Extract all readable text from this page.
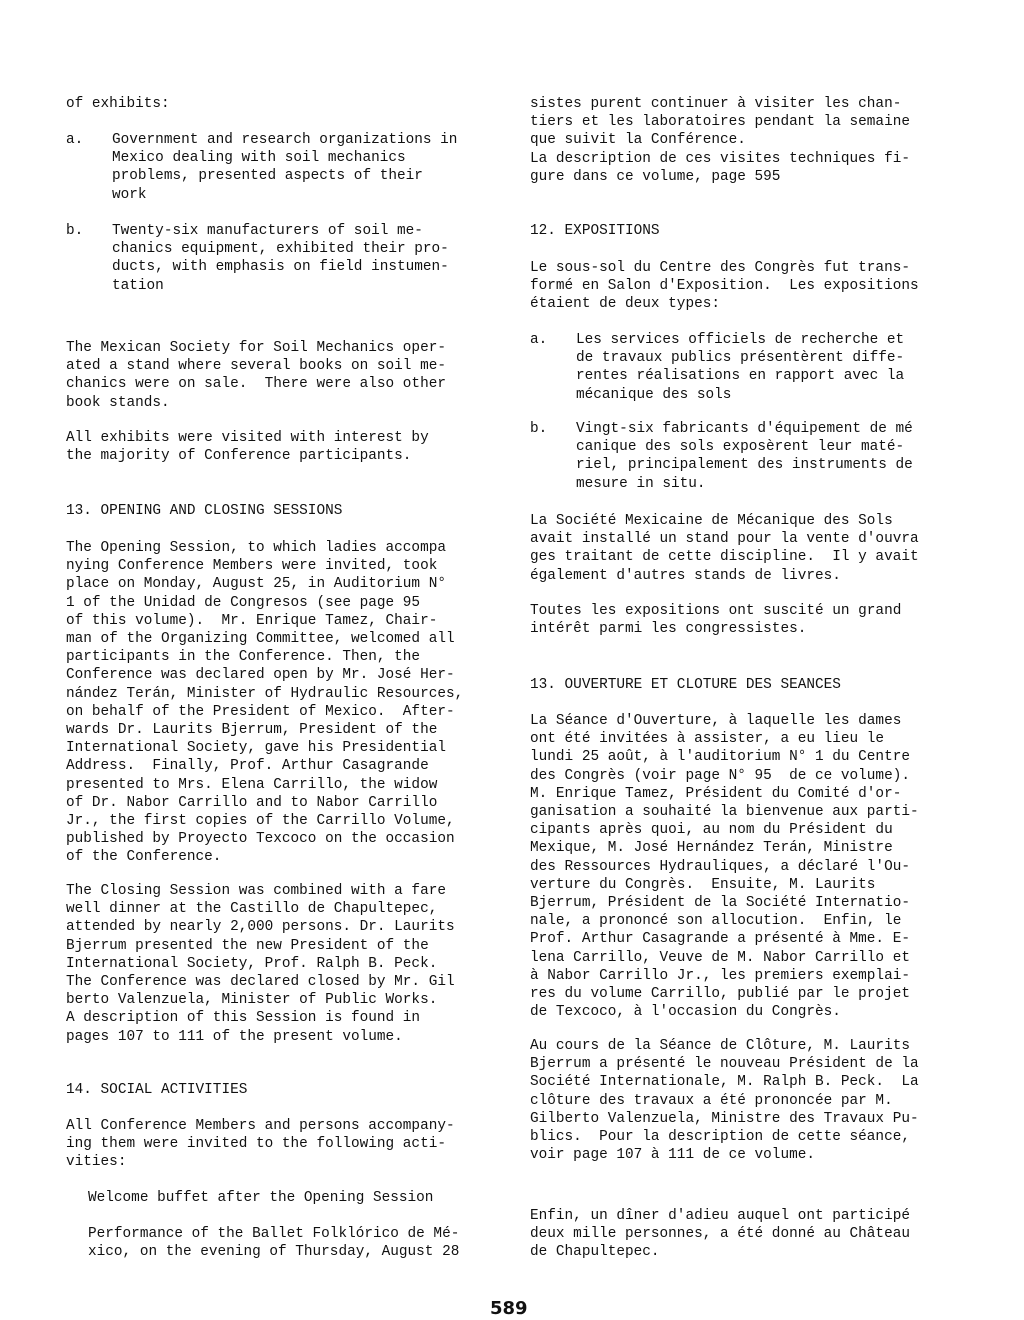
of exhibits:

a.	Government and research organizations in
Mexico dealing with soil mechanics
problems, presented aspects of their
work
b.	Twenty-six manufacturers of soil me-
chanics equipment, exhibited their pro-
ducts, with emphasis on field instumen-
tation

The Mexican Society for Soil Mechanics oper-
ated a stand where several books on soil me-
chanics were on sale.  There were also other
book stands.

All exhibits were visited with interest by
the majority of Conference participants.

13. OPENING AND CLOSING SESSIONS

The Opening Session, to which ladies accompa
nying Conference Members were invited, took
place on Monday, August 25, in Auditorium N°
1 of the Unidad de Congresos (see page 95
of this volume).  Mr. Enrique Tamez, Chair-
man of the Organizing Committee, welcomed all
participants in the Conference. Then, the
Conference was declared open by Mr. José Her-
nández Terán, Minister of Hydraulic Resources,
on behalf of the President of Mexico.  After-
wards Dr. Laurits Bjerrum, President of the
International Society, gave his Presidential
Address.  Finally, Prof. Arthur Casagrande
presented to Mrs. Elena Carrillo, the widow
of Dr. Nabor Carrillo and to Nabor Carrillo
Jr., the first copies of the Carrillo Volume,
published by Proyecto Texcoco on the occasion
of the Conference.

The Closing Session was combined with a fare
well dinner at the Castillo de Chapultepec,
attended by nearly 2,000 persons. Dr. Laurits
Bjerrum presented the new President of the
International Society, Prof. Ralph B. Peck.
The Conference was declared closed by Mr. Gil
berto Valenzuela, Minister of Public Works.
A description of this Session is found in
pages 107 to 111 of the present volume.

14. SOCIAL ACTIVITIES

All Conference Members and persons accompany-
ing them were invited to the following acti-
vities:

Welcome buffet after the Opening Session

Performance of the Ballet Folklórico de Mé-
xico, on the evening of Thursday, August 28

sistes purent continuer à visiter les chan-
tiers et les laboratoires pendant la semaine
que suivit la Conférence.
La description de ces visites techniques fi-
gure dans ce volume, page 595

12. EXPOSITIONS

Le sous-sol du Centre des Congrès fut trans-
formé en Salon d'Exposition.  Les expositions
étaient de deux types:

a.	Les services officiels de recherche et
de travaux publics présentèrent diffe-
rentes réalisations en rapport avec la
mécanique des sols
b.	Vingt-six fabricants d'équipement de mé
canique des sols exposèrent leur maté-
riel, principalement des instruments de
mesure in situ.

La Société Mexicaine de Mécanique des Sols
avait installé un stand pour la vente d'ouvra
ges traitant de cette discipline.  Il y avait
également d'autres stands de livres.

Toutes les expositions ont suscité un grand
intérêt parmi les congressistes.

13. OUVERTURE ET CLOTURE DES SEANCES

La Séance d'Ouverture, à laquelle les dames
ont été invitées à assister, a eu lieu le
lundi 25 août, à l'auditorium N° 1 du Centre
des Congrès (voir page N° 95  de ce volume).
M. Enrique Tamez, Président du Comité d'or-
ganisation a souhaité la bienvenue aux parti-
cipants après quoi, au nom du Président du
Mexique, M. José Hernández Terán, Ministre
des Ressources Hydrauliques, a déclaré l'Ou-
verture du Congrès.  Ensuite, M. Laurits
Bjerrum, Président de la Société Internatio-
nale, a prononcé son allocution.  Enfin, le
Prof. Arthur Casagrande a présenté à Mme. E-
lena Carrillo, Veuve de M. Nabor Carrillo et
à Nabor Carrillo Jr., les premiers exemplai-
res du volume Carrillo, publié par le projet
de Texcoco, à l'occasion du Congrès.

Au cours de la Séance de Clôture, M. Laurits
Bjerrum a présenté le nouveau Président de la
Société Internationale, M. Ralph B. Peck.  La
clôture des travaux a été prononcée par M.
Gilberto Valenzuela, Ministre des Travaux Pu-
blics.  Pour la description de cette séance,
voir page 107 à 111 de ce volume.

Enfin, un dîner d'adieu auquel ont participé
deux mille personnes, a été donné au Château
de Chapultepec.

589
